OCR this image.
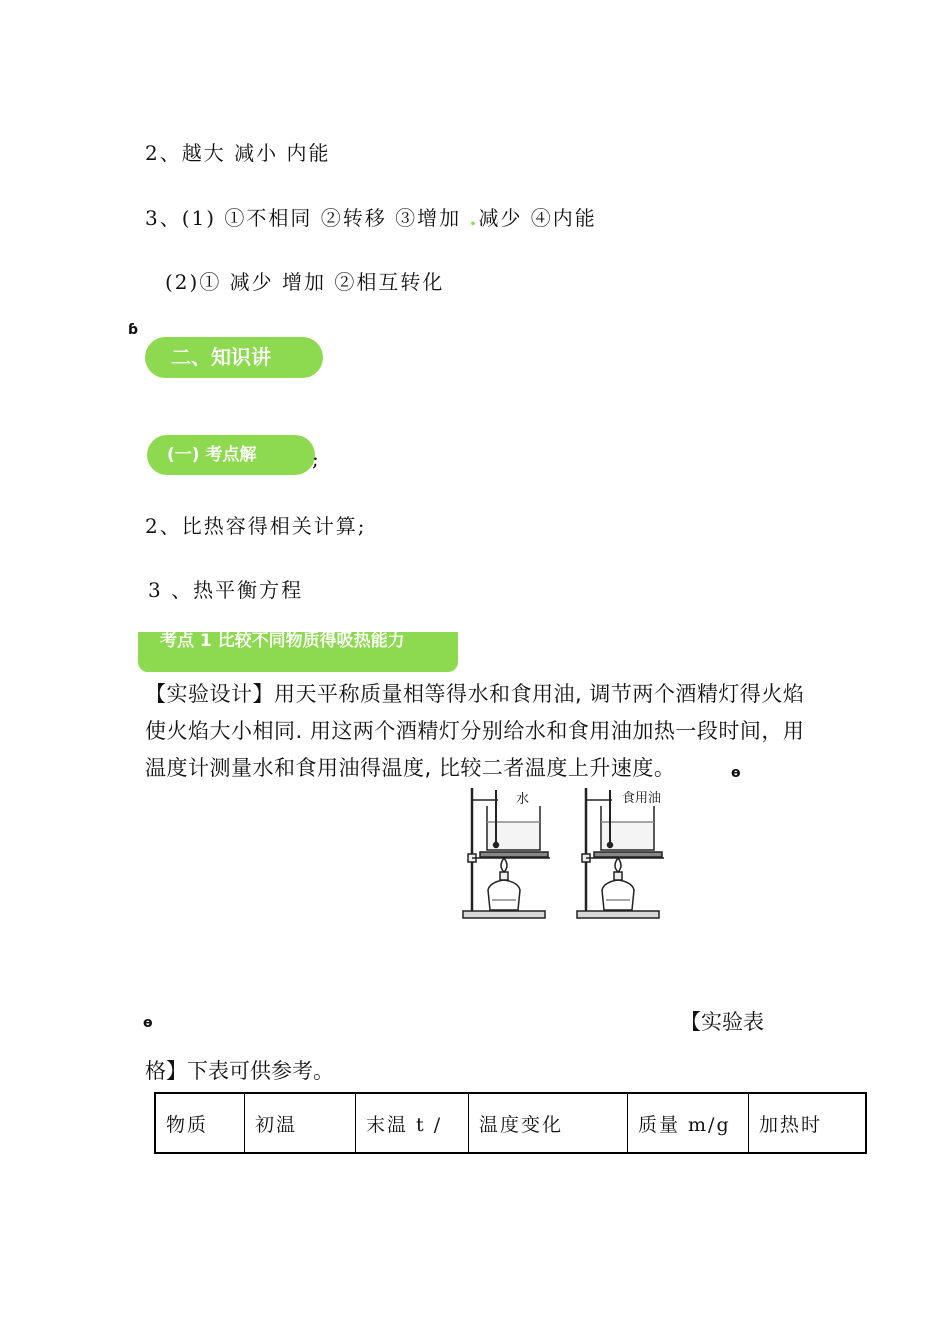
2、越大 减小 内能
3、(1) ①不相同 ②转移 ③增加 .减少 ④内能
(2)① 减少 增加 ②相互转化
ɓ
二、知识讲
(一) 考点解	;
2、比热容得相关计算;
3 、热平衡方程
考点 1 比较不同物质得吸热能力
【实验设计】用天平称质量相等得水和食用油, 调节两个酒精灯得火焰使火焰大小相同. 用这两个酒精灯分别给水和食用油加热一段时间，用温度计测量水和食用油得温度, 比较二者温度上升速度。	ɵ
水	食用油
ɵ	【实验表
格】下表可供参考。
物质	初温	末温 t /	温度变化	质量 m/g	加热时
